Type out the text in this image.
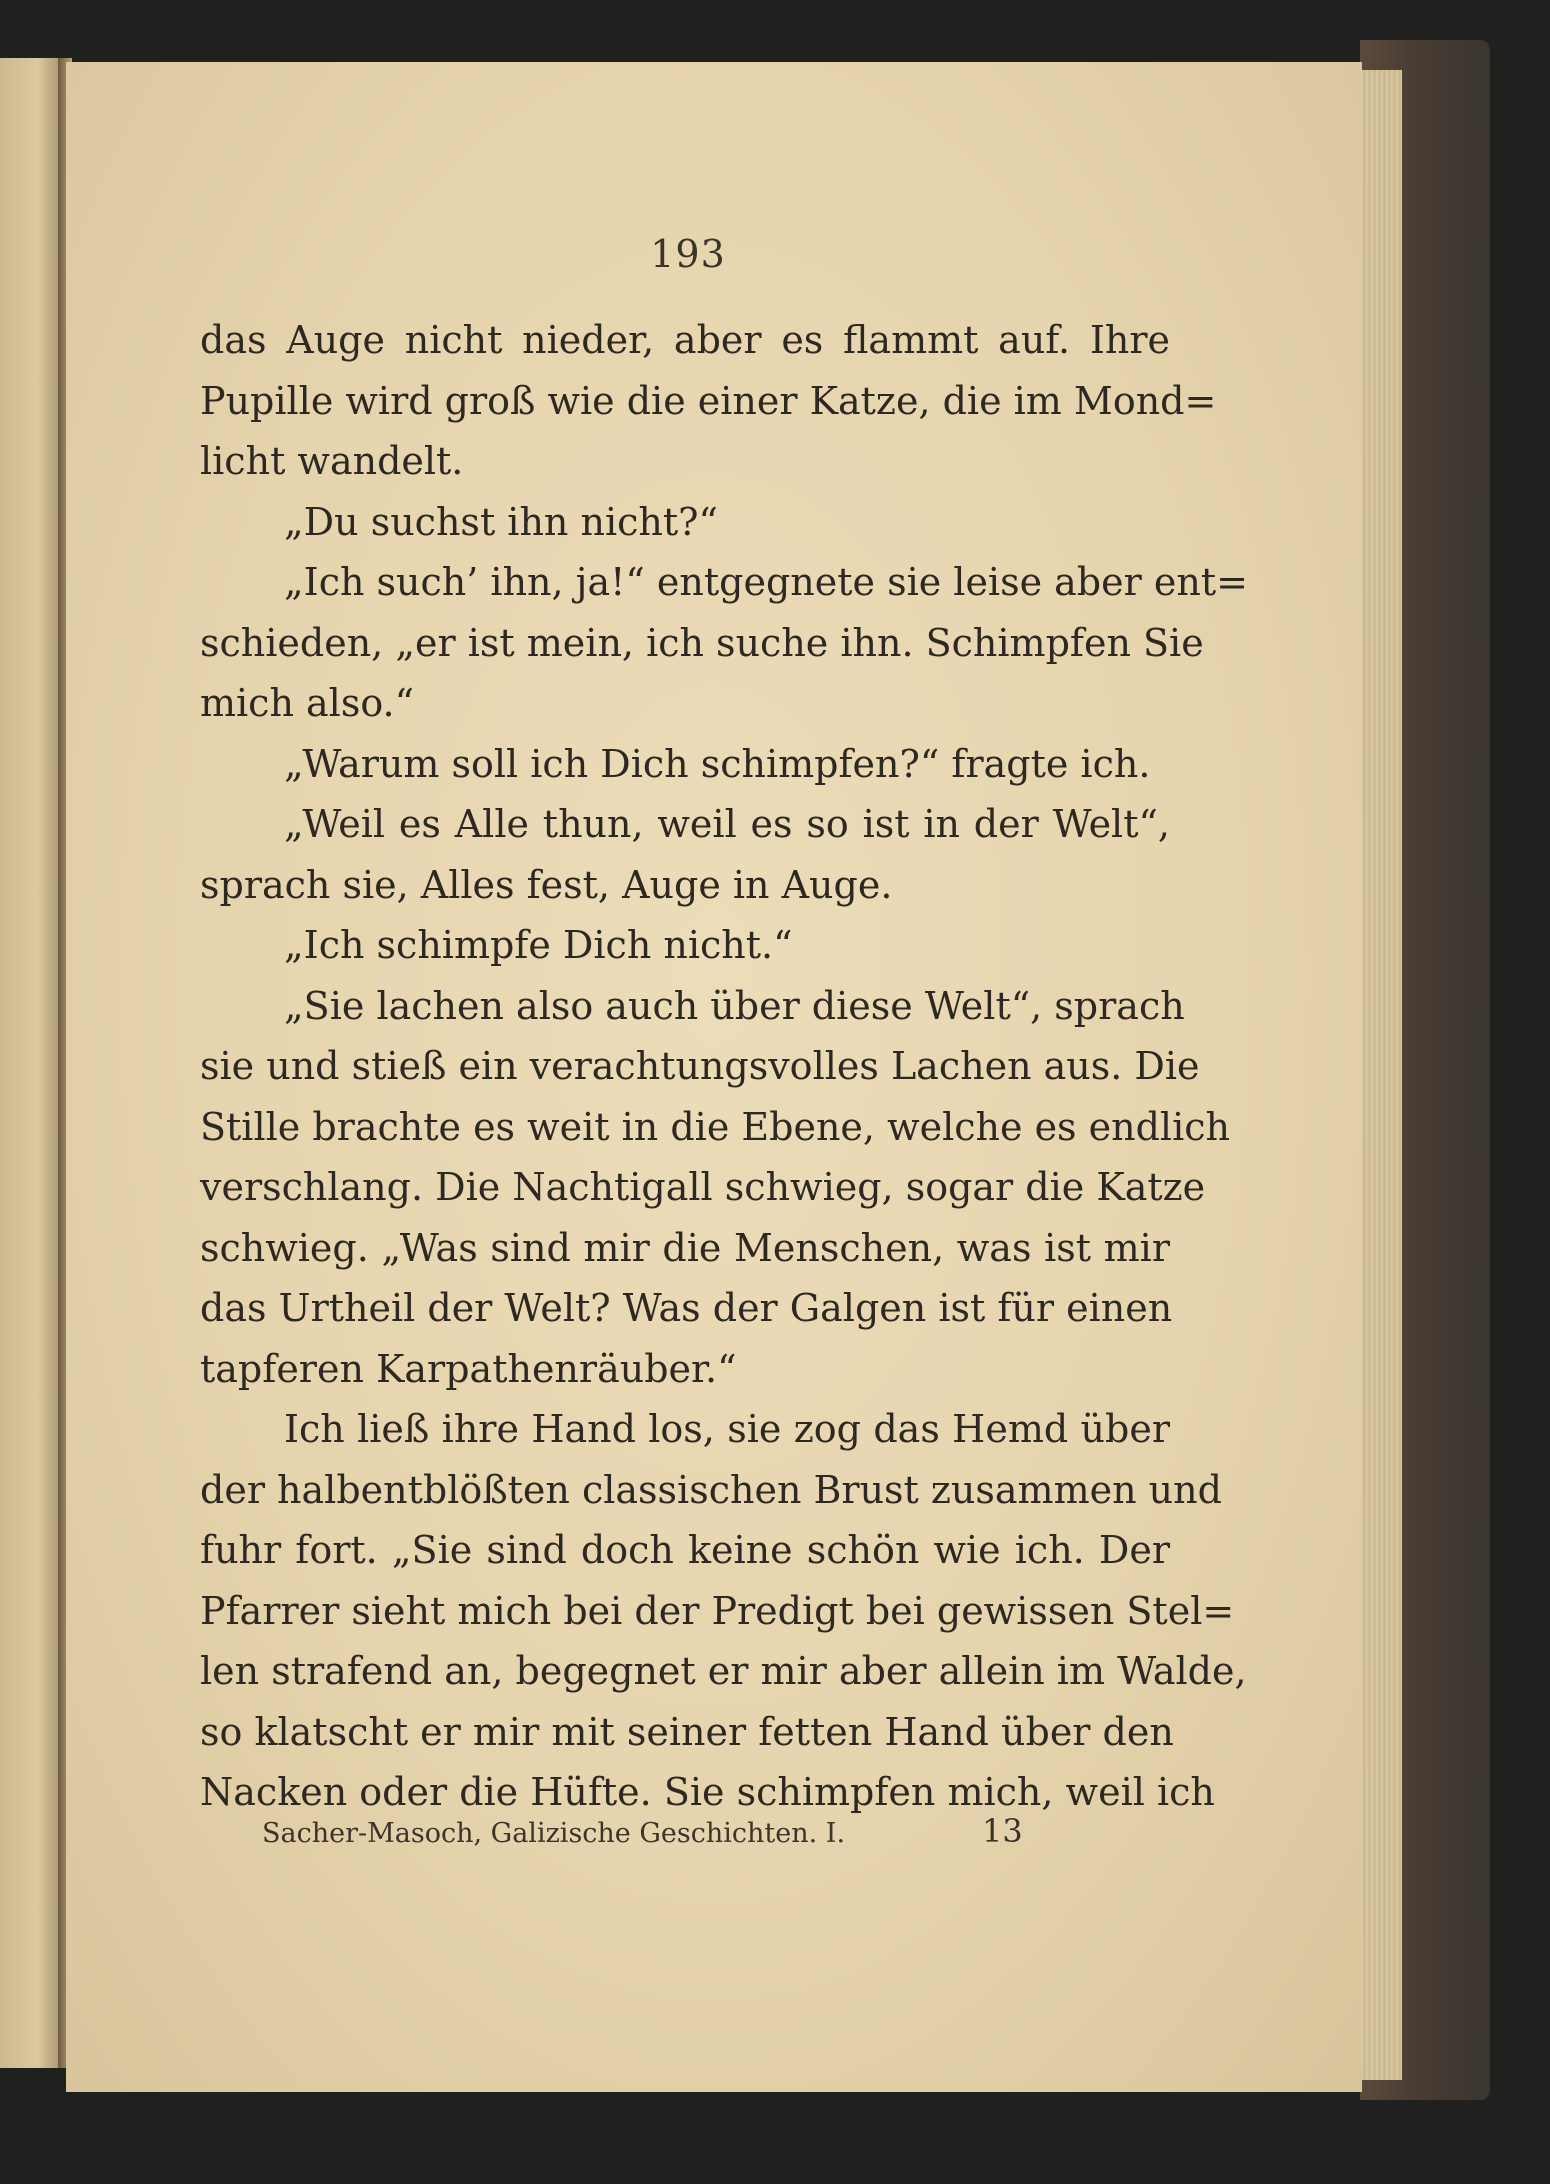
193
das Auge nicht nieder, aber es flammt auf. Ihre
Pupille wird groß wie die einer Katze, die im Mond=
licht wandelt.
„Du suchst ihn nicht?“
„Ich such’ ihn, ja!“ entgegnete sie leise aber ent=
schieden, „er ist mein, ich suche ihn. Schimpfen Sie
mich also.“
„Warum soll ich Dich schimpfen?“ fragte ich.
„Weil es Alle thun, weil es so ist in der Welt“,
sprach sie, Alles fest, Auge in Auge.
„Ich schimpfe Dich nicht.“
„Sie lachen also auch über diese Welt“, sprach
sie und stieß ein verachtungsvolles Lachen aus. Die
Stille brachte es weit in die Ebene, welche es endlich
verschlang. Die Nachtigall schwieg, sogar die Katze
schwieg. „Was sind mir die Menschen, was ist mir
das Urtheil der Welt? Was der Galgen ist für einen
tapferen Karpathenräuber.“
Ich ließ ihre Hand los, sie zog das Hemd über
der halbentblößten classischen Brust zusammen und
fuhr fort. „Sie sind doch keine schön wie ich. Der
Pfarrer sieht mich bei der Predigt bei gewissen Stel=
len strafend an, begegnet er mir aber allein im Walde,
so klatscht er mir mit seiner fetten Hand über den
Nacken oder die Hüfte. Sie schimpfen mich, weil ich
Sacher-Masoch, Galizische Geschichten. I.	13
